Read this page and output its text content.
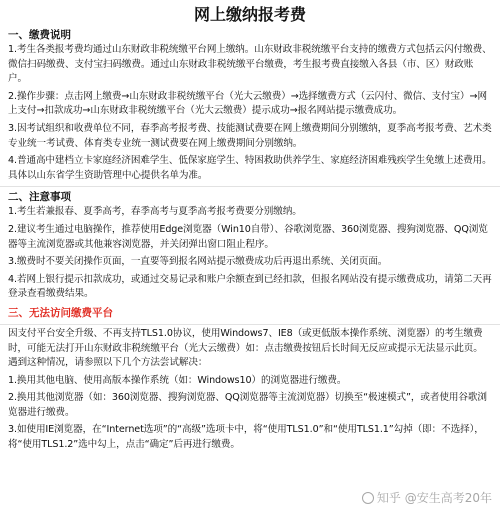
网上缴纳报考费
一、缴费说明
1.考生各类报考费均通过山东财政非税统缴平台网上缴纳。山东财政非税统缴平台支持的缴费方式包括云闪付缴费、微信扫码缴费、支付宝扫码缴费。通过山东财政非税统缴平台缴费，考生报考费直接缴入各县（市、区）财政账户。
2.操作步骤：点击网上缴费→山东财政非税统缴平台（光大云缴费）→选择缴费方式（云闪付、微信、支付宝）→网上支付→扣款成功→山东财政非税统缴平台（光大云缴费）提示成功→报名网站提示缴费成功。
3.因考试组织和收费单位不同，春季高考报考费、技能测试费要在网上缴费期间分别缴纳，夏季高考报考费、艺术类专业统一考试费、体育类专业统一测试费要在网上缴费期间分别缴纳。
4.普通高中建档立卡家庭经济困难学生、低保家庭学生、特困救助供养学生、家庭经济困难残疾学生免缴上述费用。具体以山东省学生资助管理中心提供名单为准。
二、注意事项
1.考生若兼报春、夏季高考，春季高考与夏季高考报考费要分别缴纳。
2.建议考生通过电脑操作，推荐使用Edge浏览器（Win10自带）、谷歌浏览器、360浏览器、搜狗浏览器、QQ浏览器等主流浏览器或其他兼容浏览器，并关闭弹出窗口阻止程序。
3.缴费时不要关闭操作页面，一直要等到报名网站提示缴费成功后再退出系统、关闭页面。
4.若网上银行提示扣款成功，或通过交易记录和账户余额查到已经扣款，但报名网站没有提示缴费成功，请第二天再登录查看缴费结果。
三、无法访问缴费平台
因支付平台安全升级、不再支持TLS1.0协议，使用Windows7、IE8（或更低版本操作系统、浏览器）的考生缴费时，可能无法打开山东财政非税统缴平台（光大云缴费）如：点击缴费按钮后长时间无反应或提示无法显示此页。遇到这种情况，请参照以下几个方法尝试解决：
1.换用其他电脑、使用高版本操作系统（如：Windows10）的浏览器进行缴费。
2.换用其他浏览器（如：360浏览器、搜狗浏览器、QQ浏览器等主流浏览器）切换至“极速模式”，或者使用谷歌浏览器进行缴费。
3.如使用IE浏览器，在“Internet选项”的“高级”选项卡中，将“使用TLS1.0”和“使用TLS1.1”勾掉（即：不选择），将“使用TLS1.2”选中勾上，点击“确定”后再进行缴费。
知乎 @安生高考20年
